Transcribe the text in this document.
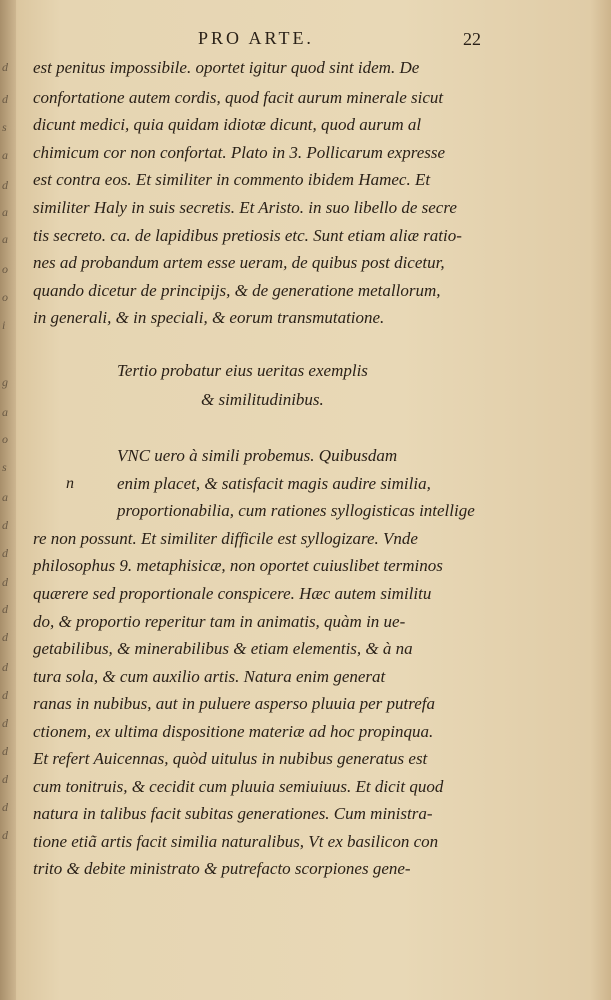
PRO ARTE.	22
est penitus impossibile. oportet igitur quod sint idem. De
confortatione autem cordis, quod facit aurum minerale sicut
dicunt medici, quia quidam idiotæ dicunt, quod aurum al
chimicum cor non confortat. Plato in 3. Pollicarum expresse
est contra eos. Et similiter in commento ibidem Hamec. Et
similiter Haly in suis secretis. Et Aristo. in suo libello de secre
tis secreto. ca. de lapidibus pretiosis etc. Sunt etiam aliæ ratio-
nes ad probandum artem esse ueram, de quibus post dicetur,
quando dicetur de principijs, & de generatione metallorum,
in generali, & in speciali, & eorum transmutatione.
Tertio probatur eius ueritas exemplis
& similitudinibus.
n
VNC uero à simili probemus. Quibusdam
enim placet, & satisfacit magis audire similia,
proportionabilia, cum rationes syllogisticas intellige
re non possunt. Et similiter difficile est syllogizare. Vnde
philosophus 9. metaphisicæ, non oportet cuiuslibet terminos
quærere sed proportionale conspicere. Hæc autem similitu
do, & proportio reperitur tam in animatis, quàm in ue-
getabilibus, & minerabilibus & etiam elementis, & à na
tura sola, & cum auxilio artis. Natura enim generat
ranas in nubibus, aut in puluere asperso pluuia per putrefa
ctionem, ex ultima dispositione materiæ ad hoc propinqua.
Et refert Auicennas, quòd uitulus in nubibus generatus est
cum tonitruis, & cecidit cum pluuia semiuiuus. Et dicit quod
natura in talibus facit subitas generationes. Cum ministra-
tione etiã artis facit similia naturalibus, Vt ex basilicon con
trito & debite ministrato & putrefacto scorpiones gene-
d
d
s
a
d
a
a
o
o
i
g
a
o
s
a
d
d
d
d
d
d
d
d
d
d
d
d
